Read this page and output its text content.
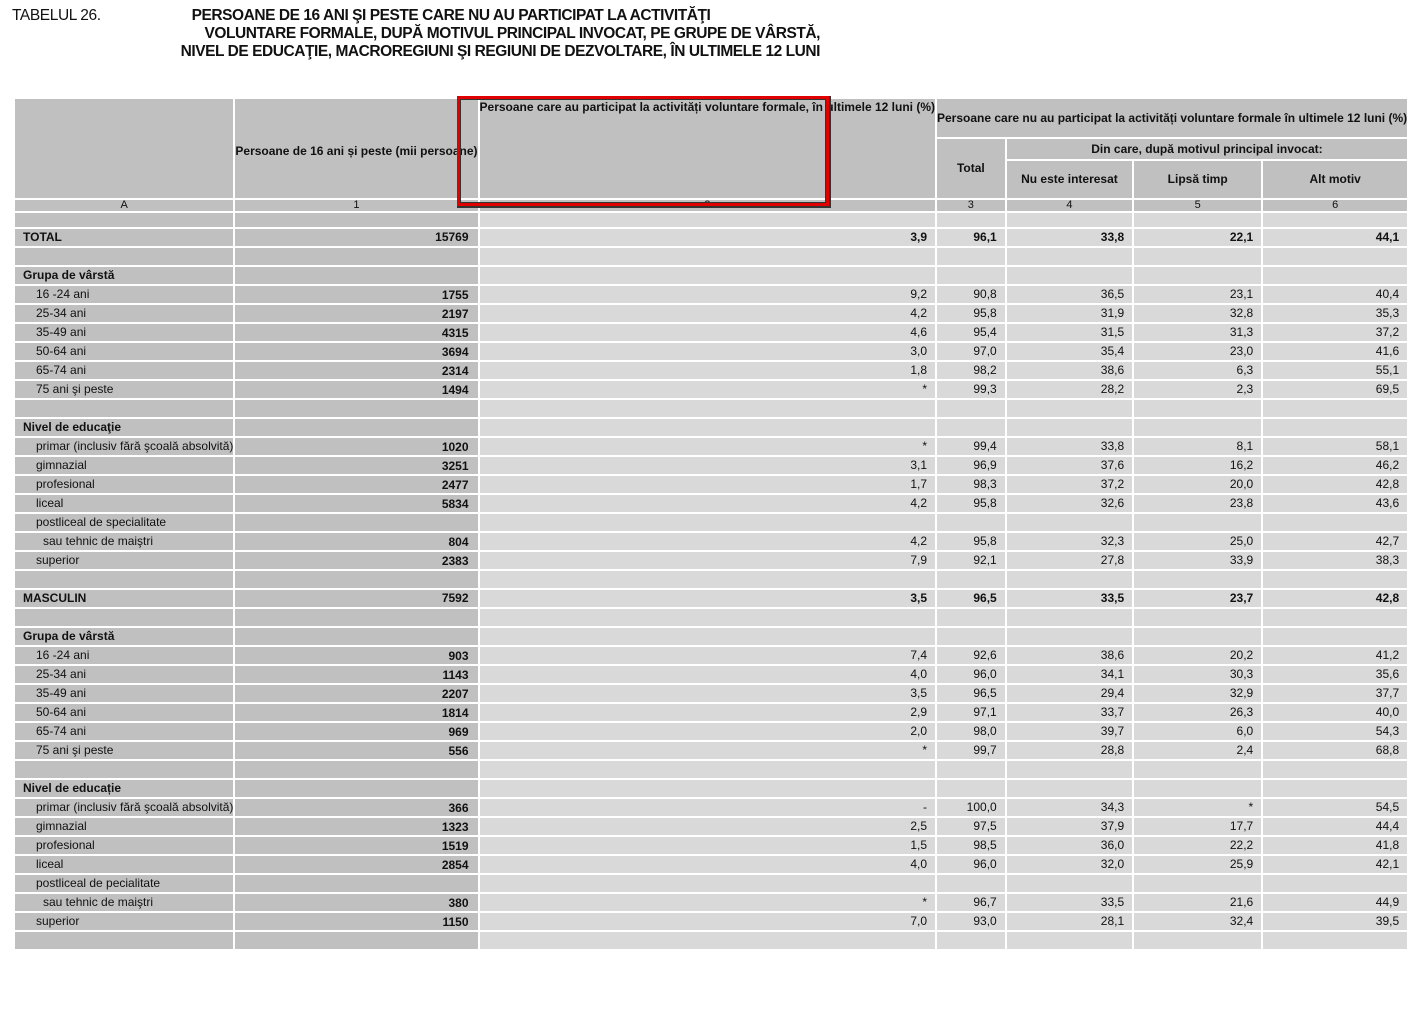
TABELUL 26.	PERSOANE DE 16 ANI ŞI PESTE CARE NU AU PARTICIPAT LA ACTIVITĂŢI
VOLUNTARE FORMALE, DUPĂ MOTIVUL PRINCIPAL INVOCAT, PE GRUPE DE VÂRSTĂ,
NIVEL DE EDUCAŢIE, MACROREGIUNI ŞI REGIUNI DE DEZVOLTARE, ÎN ULTIMELE 12 LUNI
	Persoane de 16 ani și peste (mii persoane)	Persoane care au participat la activități voluntare formale, în ultimele 12 luni (%)	Persoane care nu au participat la activități voluntare formale în ultimele 12 luni (%)			
			Total	Din care, după motivul principal invocat:		
				Nu este interesat	Lipsă timp	Alt motiv
A	1	2	3	4	5	6

TOTAL	15769	3,9	96,1	33,8	22,1	44,1

Grupa de vârstă						
16 -24 ani	1755	9,2	90,8	36,5	23,1	40,4
25-34 ani	2197	4,2	95,8	31,9	32,8	35,3
35-49 ani	4315	4,6	95,4	31,5	31,3	37,2
50-64 ani	3694	3,0	97,0	35,4	23,0	41,6
65-74 ani	2314	1,8	98,2	38,6	6,3	55,1
75 ani şi peste	1494	*	99,3	28,2	2,3	69,5

Nivel de educaţie						
primar (inclusiv fără şcoală absolvită)	1020	*	99,4	33,8	8,1	58,1
gimnazial	3251	3,1	96,9	37,6	16,2	46,2
profesional	2477	1,7	98,3	37,2	20,0	42,8
liceal	5834	4,2	95,8	32,6	23,8	43,6
postliceal de specialitate						
sau tehnic de maiştri	804	4,2	95,8	32,3	25,0	42,7
superior	2383	7,9	92,1	27,8	33,9	38,3

MASCULIN	7592	3,5	96,5	33,5	23,7	42,8

Grupa de vârstă						
16 -24 ani	903	7,4	92,6	38,6	20,2	41,2
25-34 ani	1143	4,0	96,0	34,1	30,3	35,6
35-49 ani	2207	3,5	96,5	29,4	32,9	37,7
50-64 ani	1814	2,9	97,1	33,7	26,3	40,0
65-74 ani	969	2,0	98,0	39,7	6,0	54,3
75 ani şi peste	556	*	99,7	28,8	2,4	68,8

Nivel de educație						
primar (inclusiv fără şcoală absolvită)	366	-	100,0	34,3	*	54,5
gimnazial	1323	2,5	97,5	37,9	17,7	44,4
profesional	1519	1,5	98,5	36,0	22,2	41,8
liceal	2854	4,0	96,0	32,0	25,9	42,1
postliceal de pecialitate						
sau tehnic de maiştri	380	*	96,7	33,5	21,6	44,9
superior	1150	7,0	93,0	28,1	32,4	39,5
